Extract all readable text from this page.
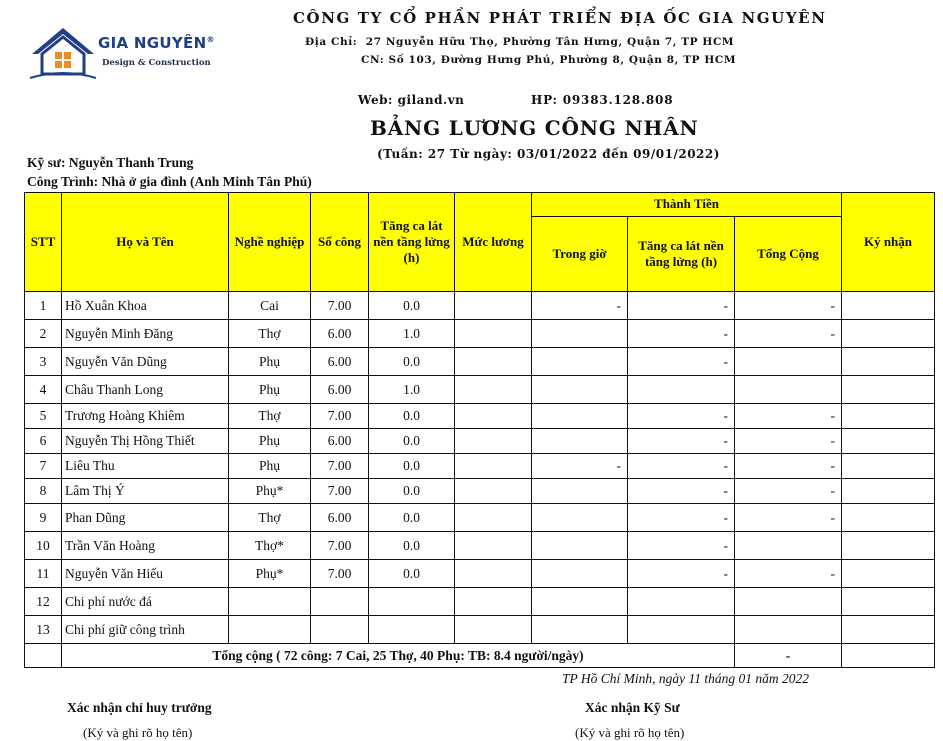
GIA NGUYÊN®
Design & Construction
CÔNG TY CỔ PHẦN PHÁT TRIỂN ĐỊA ỐC GIA NGUYÊN
Địa Chỉ: 27 Nguyễn Hữu Thọ, Phường Tân Hưng, Quận 7, TP HCM
CN: Số 103, Đường Hưng Phú, Phường 8, Quận 8, TP HCM
Web: giland.vn	HP: 09383.128.808
BẢNG LƯƠNG CÔNG NHÂN
(Tuần: 27 Từ ngày: 03/01/2022 đến 09/01/2022)
Kỹ sư: Nguyễn Thanh Trung
Công Trình: Nhà ở gia đình (Anh Minh Tân Phú)
STT	Họ và Tên	Nghề nghiệp	Số công	Tăng ca lát nền tầng lửng (h)	Mức lương	Thành Tiền			Ký nhận
						Trong giờ	Tăng ca lát nền tầng lửng (h)	Tổng Cộng	
1	Hồ Xuân Khoa	Cai	7.00	0.0		-	-	-	
2	Nguyễn Minh Đăng	Thợ	6.00	1.0			-	-	
3	Nguyễn Văn Dũng	Phụ	6.00	0.0			-		
4	Châu Thanh Long	Phụ	6.00	1.0					
5	Trương Hoàng Khiêm	Thợ	7.00	0.0			-	-	
6	Nguyễn Thị Hồng Thiết	Phụ	6.00	0.0			-	-	
7	Liêu Thu	Phụ	7.00	0.0		-	-	-	
8	Lâm Thị Ý	Phụ*	7.00	0.0			-	-	
9	Phan Dũng	Thợ	6.00	0.0			-	-	
10	Trần Văn Hoàng	Thợ*	7.00	0.0			-		
11	Nguyễn Văn Hiếu	Phụ*	7.00	0.0			-	-	
12	Chi phí nước đá								
13	Chi phí giữ công trình								
	Tổng cộng ( 72 công: 7 Cai, 25 Thợ, 40 Phụ: TB: 8.4 người/ngày)							-	
TP Hồ Chí Minh, ngày 11 tháng 01 năm 2022
Xác nhận chỉ huy trưởng
(Ký và ghi rõ họ tên)
Xác nhận Kỹ Sư
(Ký và ghi rõ họ tên)
